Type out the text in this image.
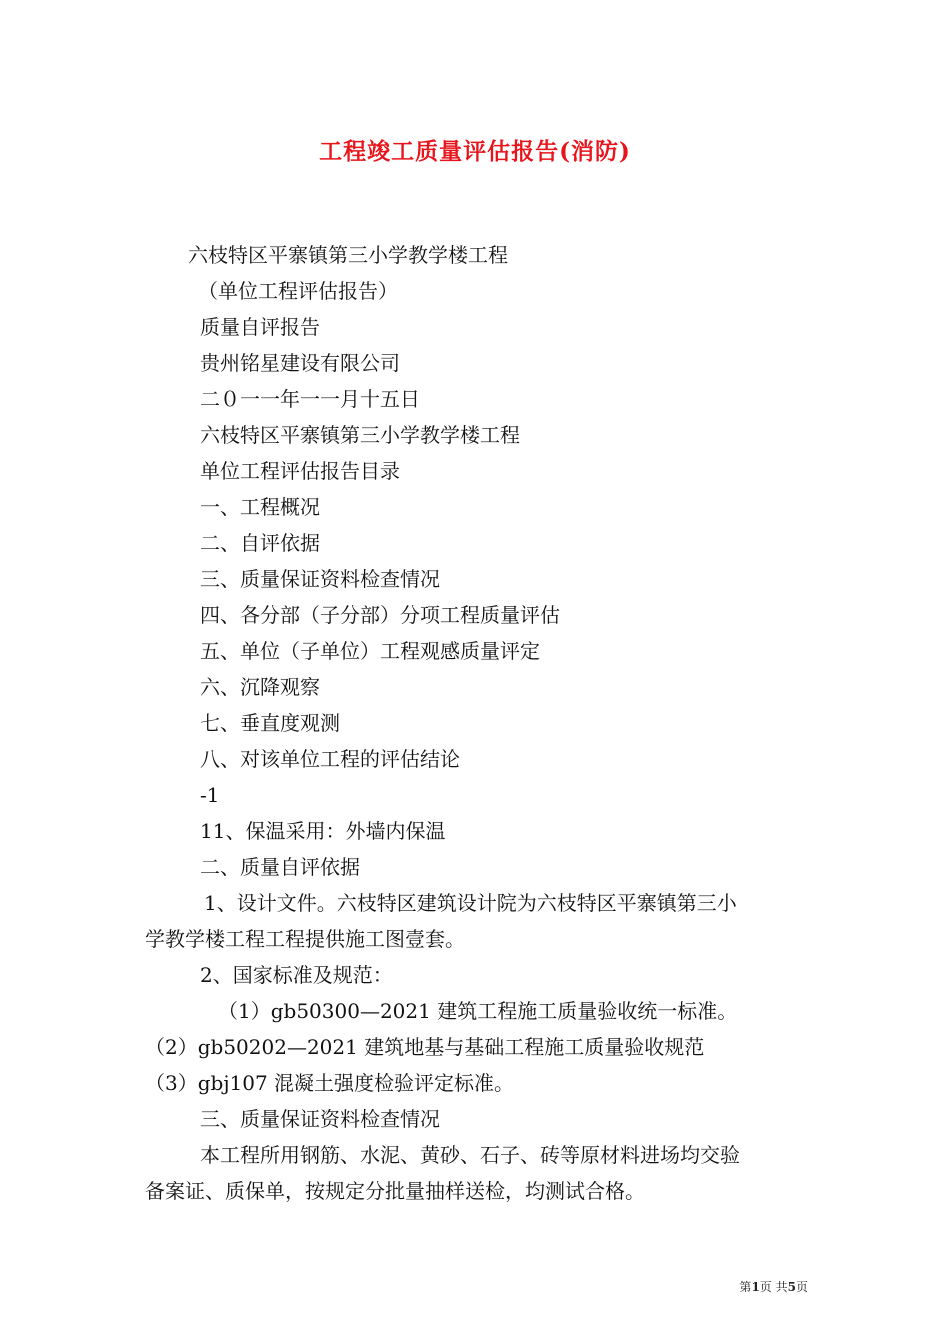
工程竣工质量评估报告(消防)
六枝特区平寨镇第三小学教学楼工程
（单位工程评估报告）
质量自评报告
贵州铭星建设有限公司
二０一一年一一月十五日
六枝特区平寨镇第三小学教学楼工程
单位工程评估报告目录
一、工程概况
二、自评依据
三、质量保证资料检查情况
四、各分部（子分部）分项工程质量评估
五、单位（子单位）工程观感质量评定
六、沉降观察
七、垂直度观测
八、对该单位工程的评估结论
-1
11、保温采用：外墙内保温
二、质量自评依据
1、设计文件。六枝特区建筑设计院为六枝特区平寨镇第三小
学教学楼工程工程提供施工图壹套。
2、国家标准及规范：
（1）gb50300—2021 建筑工程施工质量验收统一标准。
（2）gb50202—2021 建筑地基与基础工程施工质量验收规范
（3）gbj107 混凝土强度检验评定标准。
三、质量保证资料检查情况
本工程所用钢筋、水泥、黄砂、石子、砖等原材料进场均交验
备案证、质保单，按规定分批量抽样送检，均测试合格。
第1页 共5页
